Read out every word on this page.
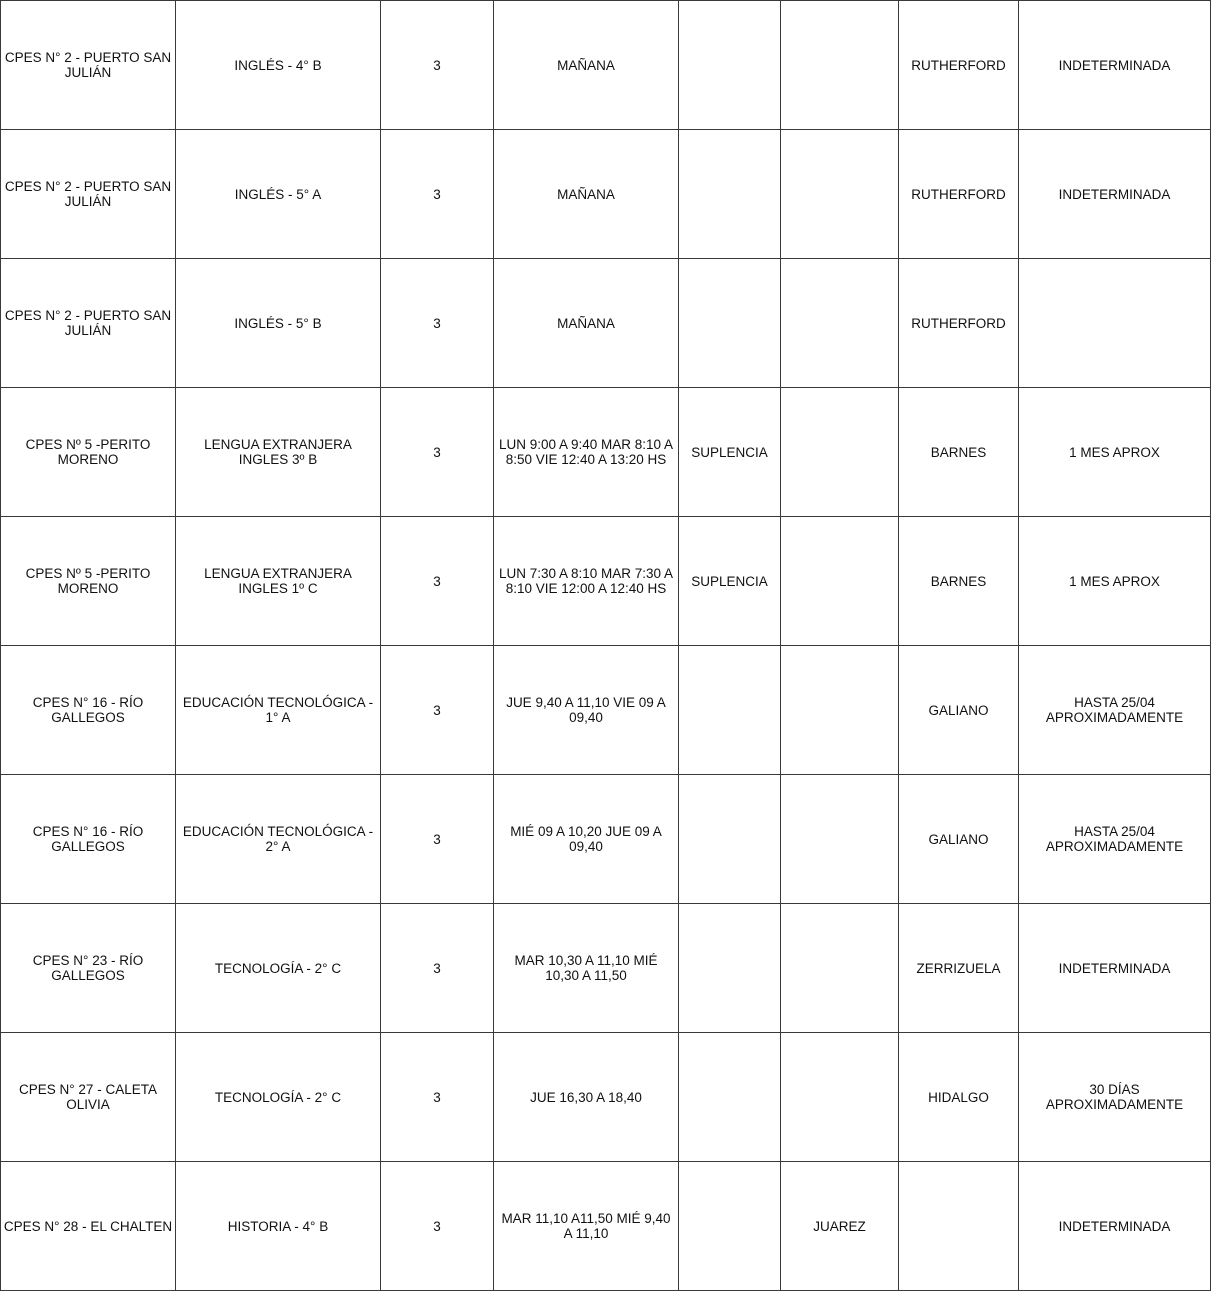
CPES N° 2 - PUERTO SAN JULIÁN	INGLÉS - 4° B	3	MAÑANA			RUTHERFORD	INDETERMINADA
CPES N° 2 - PUERTO SAN JULIÁN	INGLÉS - 5° A	3	MAÑANA			RUTHERFORD	INDETERMINADA
CPES N° 2 - PUERTO SAN JULIÁN	INGLÉS - 5° B	3	MAÑANA			RUTHERFORD	
CPES Nº 5 -PERITO MORENO	LENGUA EXTRANJERA INGLES 3º B	3	LUN 9:00 A 9:40 MAR 8:10 A 8:50 VIE 12:40 A 13:20 HS	SUPLENCIA		BARNES	1 MES APROX
CPES Nº 5 -PERITO MORENO	LENGUA EXTRANJERA INGLES 1º C	3	LUN 7:30 A 8:10 MAR 7:30 A 8:10 VIE 12:00 A 12:40 HS	SUPLENCIA		BARNES	1 MES APROX
CPES N° 16 - RÍO GALLEGOS	EDUCACIÓN TECNOLÓGICA - 1° A	3	JUE 9,40 A 11,10 VIE 09 A 09,40			GALIANO	HASTA 25/04 APROXIMADAMENTE
CPES N° 16 - RÍO GALLEGOS	EDUCACIÓN TECNOLÓGICA - 2° A	3	MIÉ 09 A 10,20 JUE 09 A 09,40			GALIANO	HASTA 25/04 APROXIMADAMENTE
CPES N° 23 - RÍO GALLEGOS	TECNOLOGÍA - 2° C	3	MAR 10,30 A 11,10 MIÉ 10,30 A 11,50			ZERRIZUELA	INDETERMINADA
CPES N° 27 - CALETA OLIVIA	TECNOLOGÍA - 2° C	3	JUE 16,30 A 18,40			HIDALGO	30 DÍAS APROXIMADAMENTE
CPES N° 28 - EL CHALTEN	HISTORIA - 4° B	3	MAR 11,10 A11,50 MIÉ 9,40 A 11,10		JUAREZ		INDETERMINADA
